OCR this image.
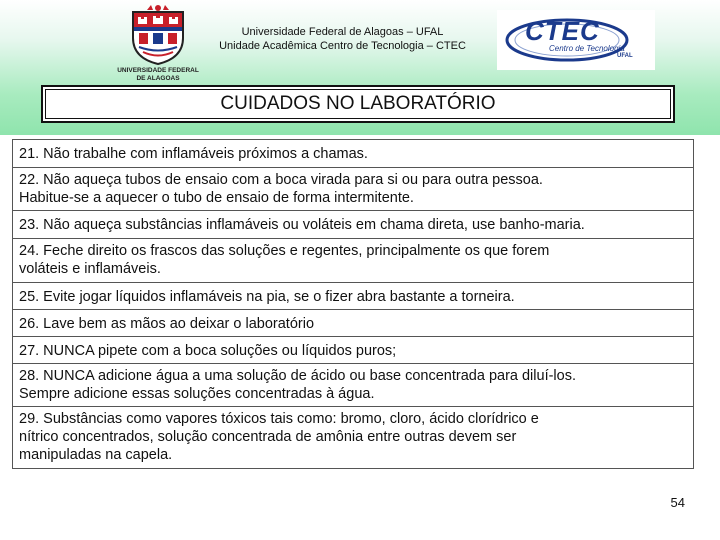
UNIVERSIDADE FEDERAL
DE ALAGOAS
Universidade Federal de Alagoas – UFAL
Unidade Acadêmica Centro de Tecnologia – CTEC	CTEC
Centro de Tecnologia
UFAL
CUIDADOS NO LABORATÓRIO
21. Não trabalhe com inflamáveis próximos a chamas.

22. Não aqueça tubos de ensaio com a boca virada para si ou para outra pessoa.
Habitue-se a aquecer o tubo de ensaio de forma intermitente.

23. Não aqueça substâncias inflamáveis ou voláteis em chama direta, use banho-maria.

24. Feche direito os frascos das soluções e regentes, principalmente os que forem
voláteis e inflamáveis.

25. Evite jogar líquidos inflamáveis na pia, se o fizer abra bastante a torneira.

26. Lave bem as mãos ao deixar o laboratório

27. NUNCA pipete com a boca soluções ou líquidos puros;

28. NUNCA adicione água a uma solução de ácido ou base concentrada para diluí-los.
Sempre adicione essas soluções concentradas à água.

29. Substâncias como vapores tóxicos tais como: bromo, cloro, ácido clorídrico e
nítrico concentrados, solução concentrada de amônia entre outras devem ser
manipuladas na capela.
54
